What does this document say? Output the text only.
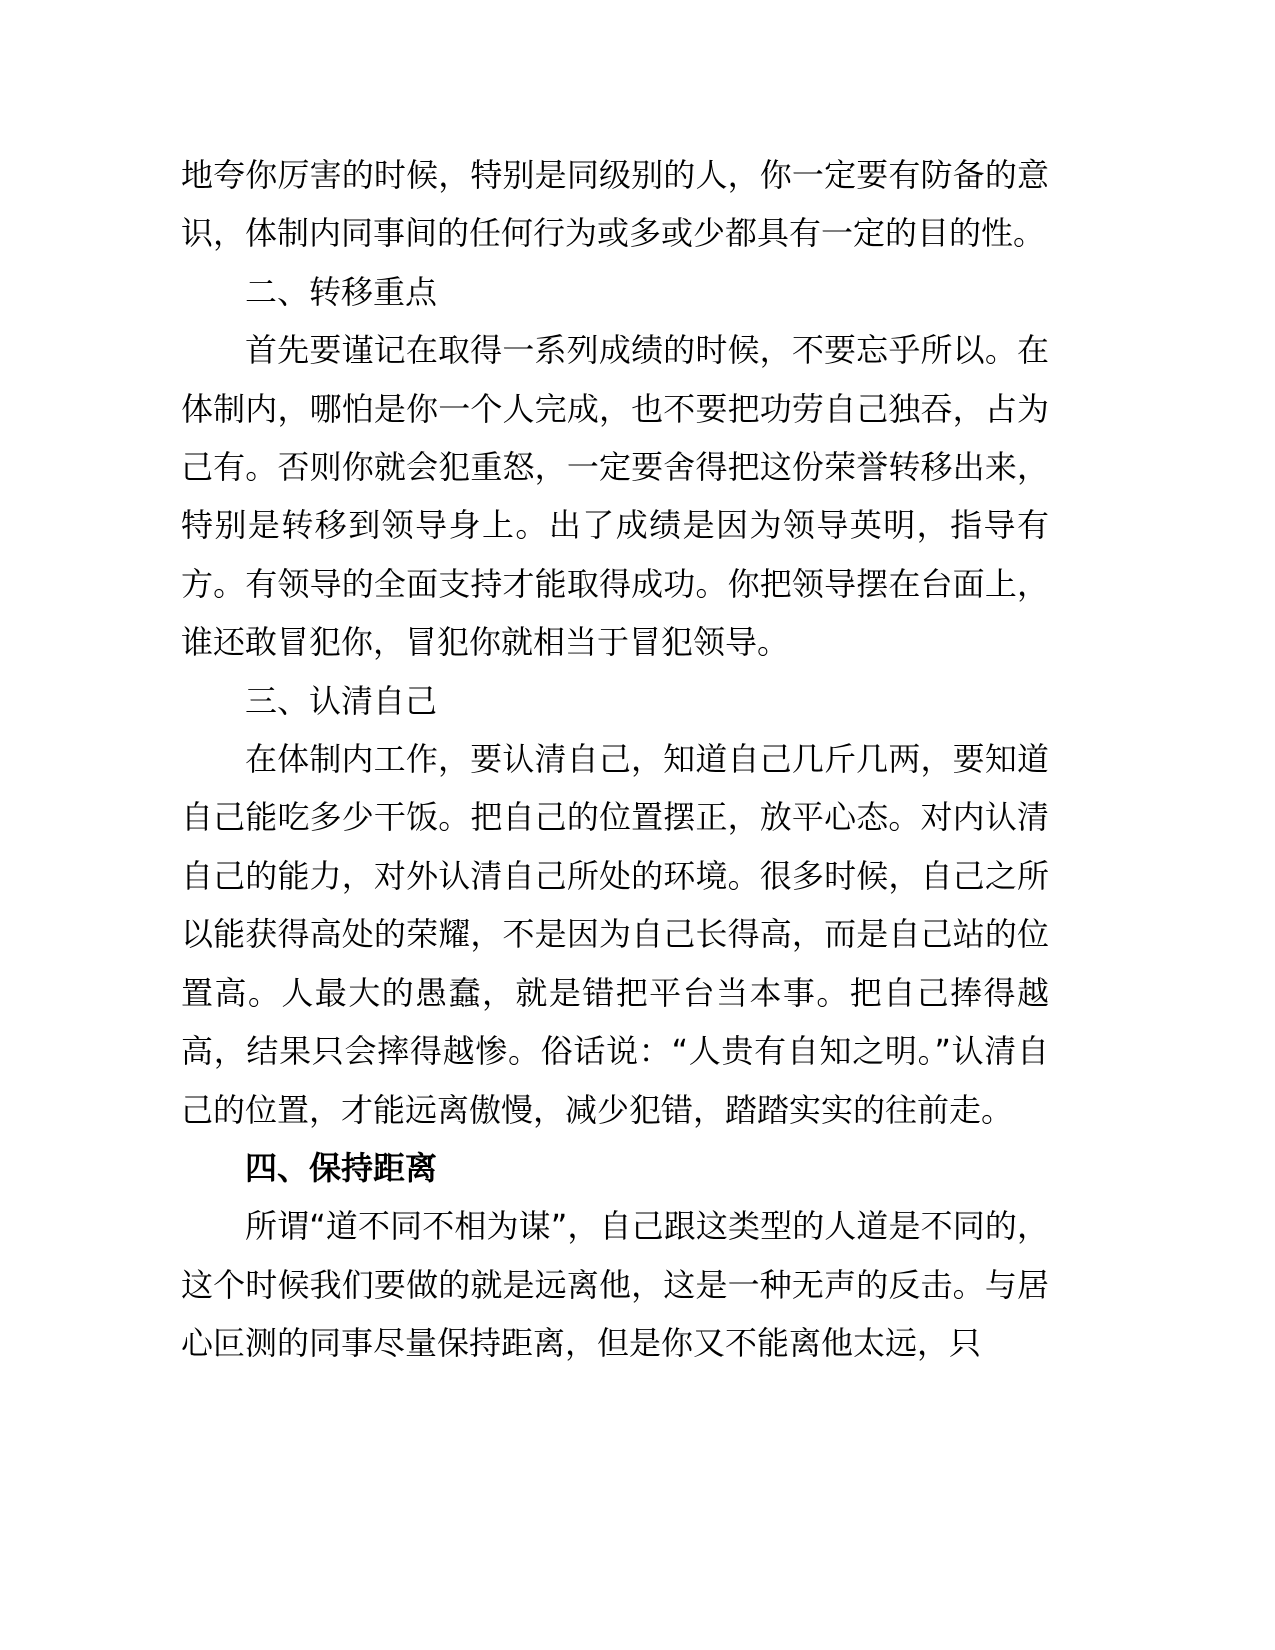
地夸你厉害的时候，特别是同级别的人，你一定要有防备的意识，体制内同事间的任何行为或多或少都具有一定的目的性。

二、转移重点

首先要谨记在取得一系列成绩的时候，不要忘乎所以。在体制内，哪怕是你一个人完成，也不要把功劳自己独吞，占为己有。否则你就会犯重怒，一定要舍得把这份荣誉转移出来，特别是转移到领导身上。出了成绩是因为领导英明，指导有方。有领导的全面支持才能取得成功。你把领导摆在台面上，谁还敢冒犯你，冒犯你就相当于冒犯领导。

三、认清自己

在体制内工作，要认清自己，知道自己几斤几两，要知道自己能吃多少干饭。把自己的位置摆正，放平心态。对内认清自己的能力，对外认清自己所处的环境。很多时候，自己之所以能获得高处的荣耀，不是因为自己长得高，而是自己站的位置高。人最大的愚蠢，就是错把平台当本事。把自己捧得越高，结果只会摔得越惨。俗话说：“人贵有自知之明。”认清自己的位置，才能远离傲慢，减少犯错，踏踏实实的往前走。

四、保持距离

所谓“道不同不相为谋”，自己跟这类型的人道是不同的，这个时候我们要做的就是远离他，这是一种无声的反击。与居心叵测的同事尽量保持距离，但是你又不能离他太远，只
